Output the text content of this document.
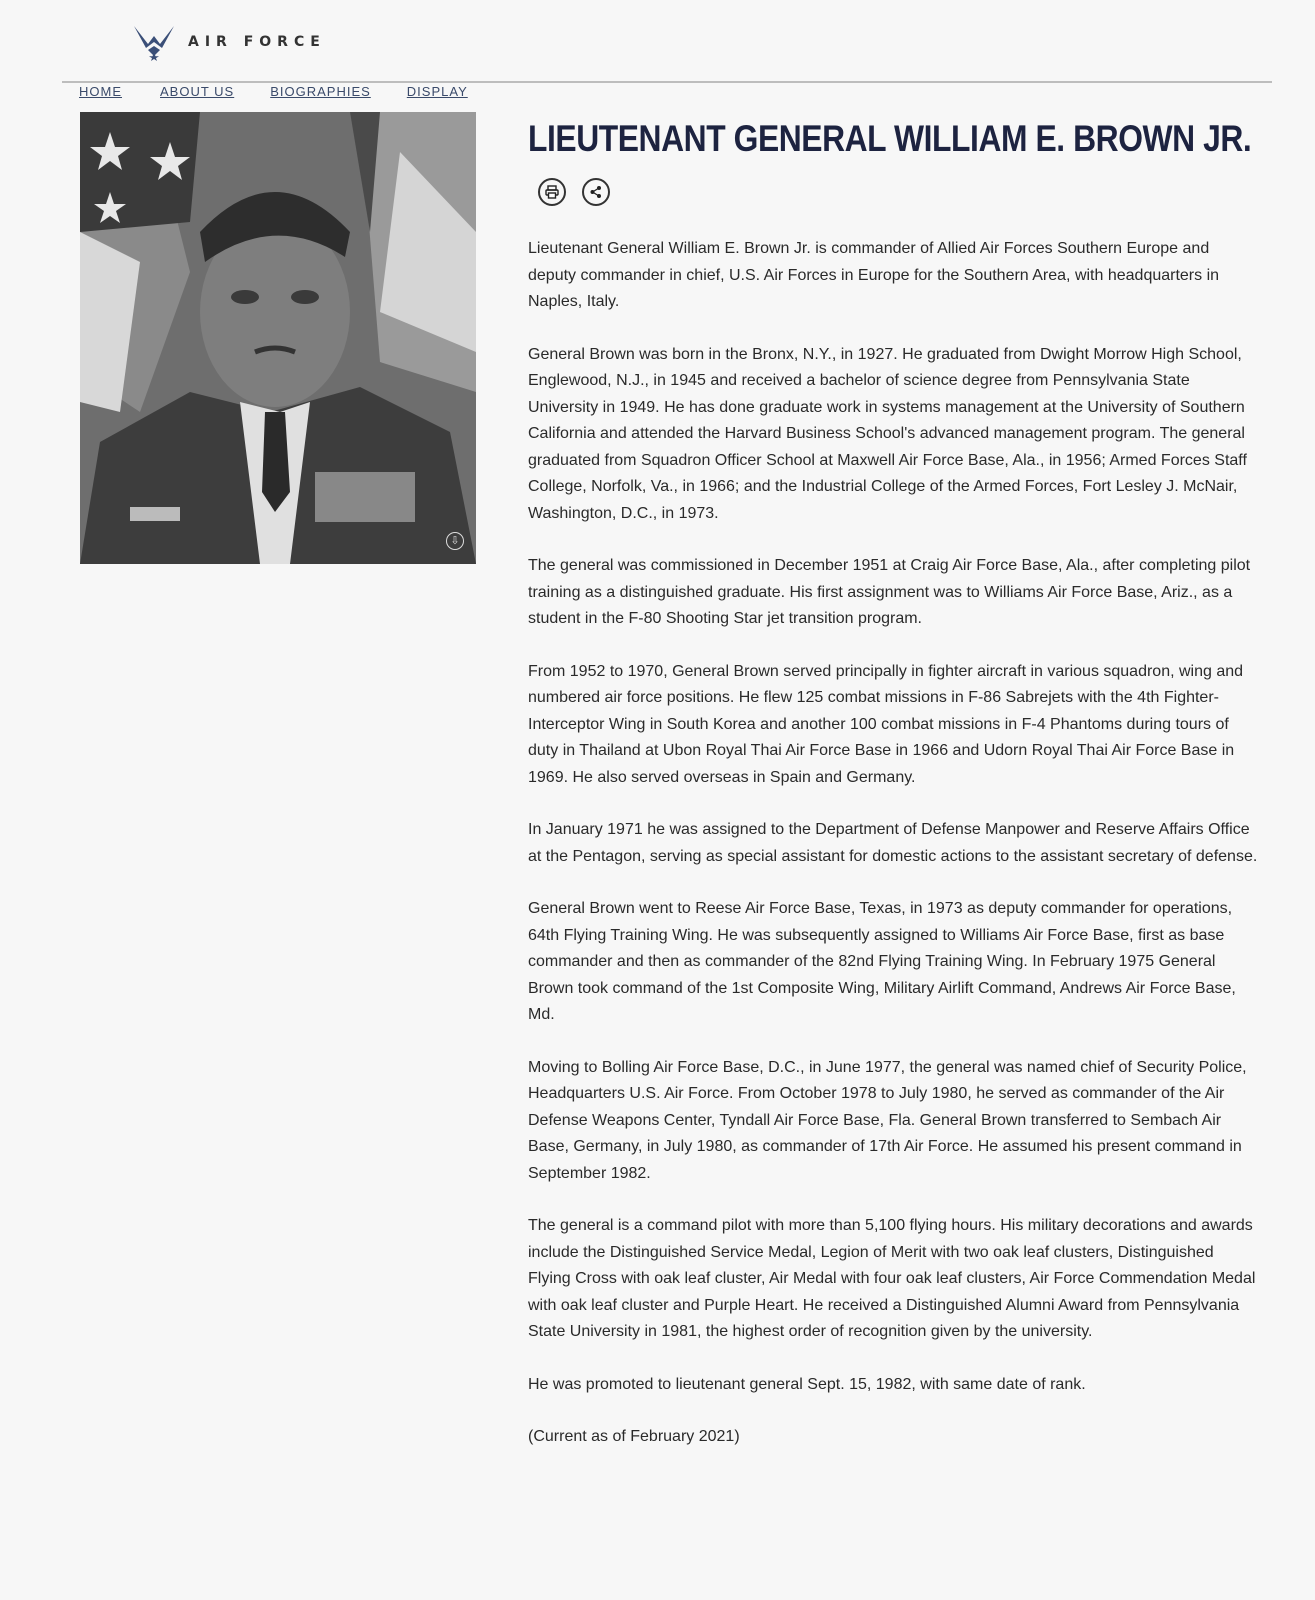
AIR FORCE
HOME	ABOUT US	BIOGRAPHIES	DISPLAY
⇩
LIEUTENANT GENERAL WILLIAM E. BROWN JR.

Lieutenant General William E. Brown Jr. is commander of Allied Air Forces Southern Europe and deputy commander in chief, U.S. Air Forces in Europe for the Southern Area, with headquarters in Naples, Italy.

General Brown was born in the Bronx, N.Y., in 1927. He graduated from Dwight Morrow High School, Englewood, N.J., in 1945 and received a bachelor of science degree from Pennsylvania State University in 1949. He has done graduate work in systems management at the University of Southern California and attended the Harvard Business School's advanced management program. The general graduated from Squadron Officer School at Maxwell Air Force Base, Ala., in 1956; Armed Forces Staff College, Norfolk, Va., in 1966; and the Industrial College of the Armed Forces, Fort Lesley J. McNair, Washington, D.C., in 1973.

The general was commissioned in December 1951 at Craig Air Force Base, Ala., after completing pilot training as a distinguished graduate. His first assignment was to Williams Air Force Base, Ariz., as a student in the F-80 Shooting Star jet transition program.

From 1952 to 1970, General Brown served principally in fighter aircraft in various squadron, wing and numbered air force positions. He flew 125 combat missions in F-86 Sabrejets with the 4th Fighter-Interceptor Wing in South Korea and another 100 combat missions in F-4 Phantoms during tours of duty in Thailand at Ubon Royal Thai Air Force Base in 1966 and Udorn Royal Thai Air Force Base in 1969. He also served overseas in Spain and Germany.

In January 1971 he was assigned to the Department of Defense Manpower and Reserve Affairs Office at the Pentagon, serving as special assistant for domestic actions to the assistant secretary of defense.

General Brown went to Reese Air Force Base, Texas, in 1973 as deputy commander for operations, 64th Flying Training Wing. He was subsequently assigned to Williams Air Force Base, first as base commander and then as commander of the 82nd Flying Training Wing. In February 1975 General Brown took command of the 1st Composite Wing, Military Airlift Command, Andrews Air Force Base, Md.

Moving to Bolling Air Force Base, D.C., in June 1977, the general was named chief of Security Police, Headquarters U.S. Air Force. From October 1978 to July 1980, he served as commander of the Air Defense Weapons Center, Tyndall Air Force Base, Fla. General Brown transferred to Sembach Air Base, Germany, in July 1980, as commander of 17th Air Force. He assumed his present command in September 1982.

The general is a command pilot with more than 5,100 flying hours. His military decorations and awards include the Distinguished Service Medal, Legion of Merit with two oak leaf clusters, Distinguished Flying Cross with oak leaf cluster, Air Medal with four oak leaf clusters, Air Force Commendation Medal with oak leaf cluster and Purple Heart. He received a Distinguished Alumni Award from Pennsylvania State University in 1981, the highest order of recognition given by the university.

He was promoted to lieutenant general Sept. 15, 1982, with same date of rank.

(Current as of February 2021)
